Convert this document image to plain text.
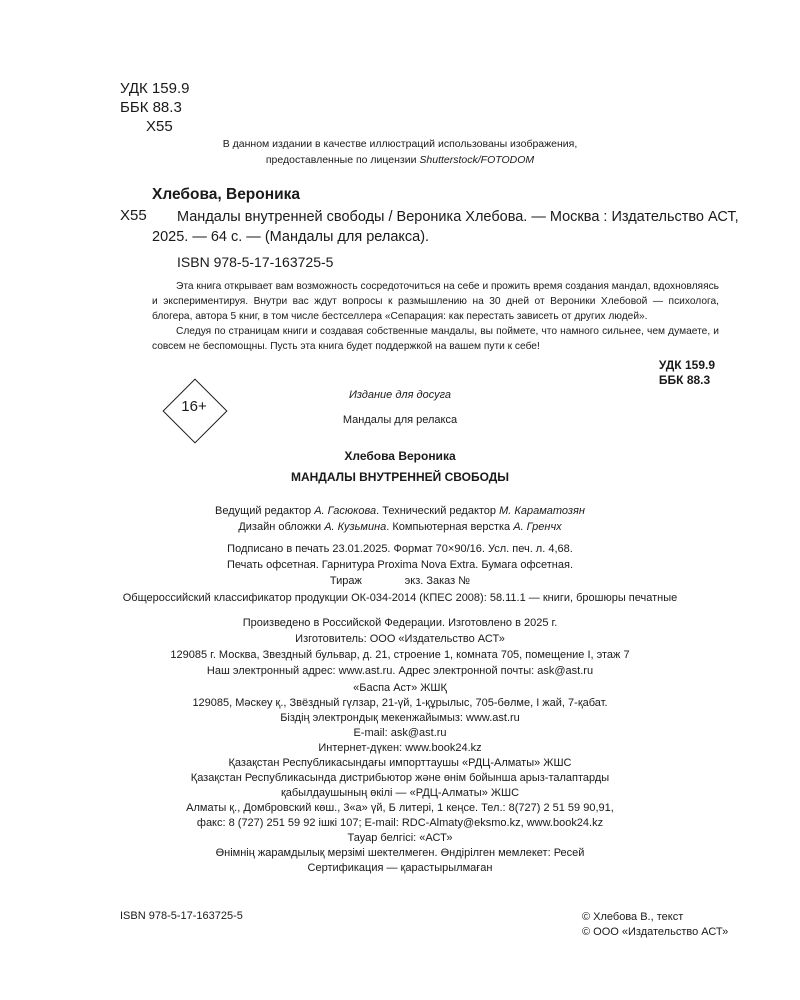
УДК 159.9
ББК 88.3
Х55
В данном издании в качестве иллюстраций использованы изображения,
предоставленные по лицензии Shutterstock/FOTODOM
Хлебова, Вероника
Х55 Мандалы внутренней свободы / Вероника Хлебова. — Москва : Издательство АСТ,
2025. — 64 с. — (Мандалы для релакса).
ISBN 978-5-17-163725-5

Эта книга открывает вам возможность сосредоточиться на себе и прожить время создания мандал, вдохновляясь и экспериментируя. Внутри вас ждут вопросы к размышлению на 30 дней от Вероники Хлебовой — психолога, блогера, автора 5 книг, в том числе бестселлера «Сепарация: как перестать зависеть от других людей».

Следуя по страницам книги и создавая собственные мандалы, вы поймете, что намного сильнее, чем думаете, и совсем не беспомощны. Пусть эта книга будет поддержкой на вашем пути к себе!

УДК 159.9
ББК 88.3
16+
Издание для досуга
Мандалы для релакса
Хлебова Вероника
МАНДАЛЫ ВНУТРЕННЕЙ СВОБОДЫ
Ведущий редактор А. Гасюкова. Технический редактор М. Караматозян
Дизайн обложки А. Кузьмина. Компьютерная верстка А. Гренчх
Подписано в печать 23.01.2025. Формат 70×90/16. Усл. печ. л. 4,68.
Печать офсетная. Гарнитура Proxima Nova Extra. Бумага офсетная.
Тираж              экз. Заказ №
Общероссийский классификатор продукции ОК-034-2014 (КПЕС 2008): 58.11.1 — книги, брошюры печатные
Произведено в Российской Федерации. Изготовлено в 2025 г.
Изготовитель: ООО «Издательство АСТ»
129085 г. Москва, Звездный бульвар, д. 21, строение 1, комната 705, помещение I, этаж 7
Наш электронный адрес: www.ast.ru. Адрес электронной почты: ask@ast.ru
«Баспа Аст» ЖШҚ
129085, Мәскеу қ., Звёздный гүлзар, 21-үй, 1-құрылыс, 705-бөлме, I жай, 7-қабат.
Біздің электрондық мекенжайымыз: www.ast.ru
E-mail: ask@ast.ru
Интернет-дүкен: www.book24.kz
Қазақстан Республикасындағы импорттаушы «РДЦ-Алматы» ЖШС
Қазақстан Республикасында дистрибьютор және өнім бойынша арыз-талаптарды
қабылдаушының өкілі — «РДЦ-Алматы» ЖШС
Алматы қ., Домбровский көш., 3«а» үй, Б литері, 1 кеңсе. Тел.: 8(727) 2 51 59 90,91,
факс: 8 (727) 251 59 92 ішкі 107; E-mail: RDC-Almaty@eksmo.kz, www.book24.kz
Тауар белгісі: «АСТ»
Өнімнің жарамдылық мерзімі шектелмеген. Өндірілген мемлекет: Ресей
Сертификация — қарастырылмаған
ISBN 978-5-17-163725-5	© Хлебова В., текст
© ООО «Издательство АСТ»
